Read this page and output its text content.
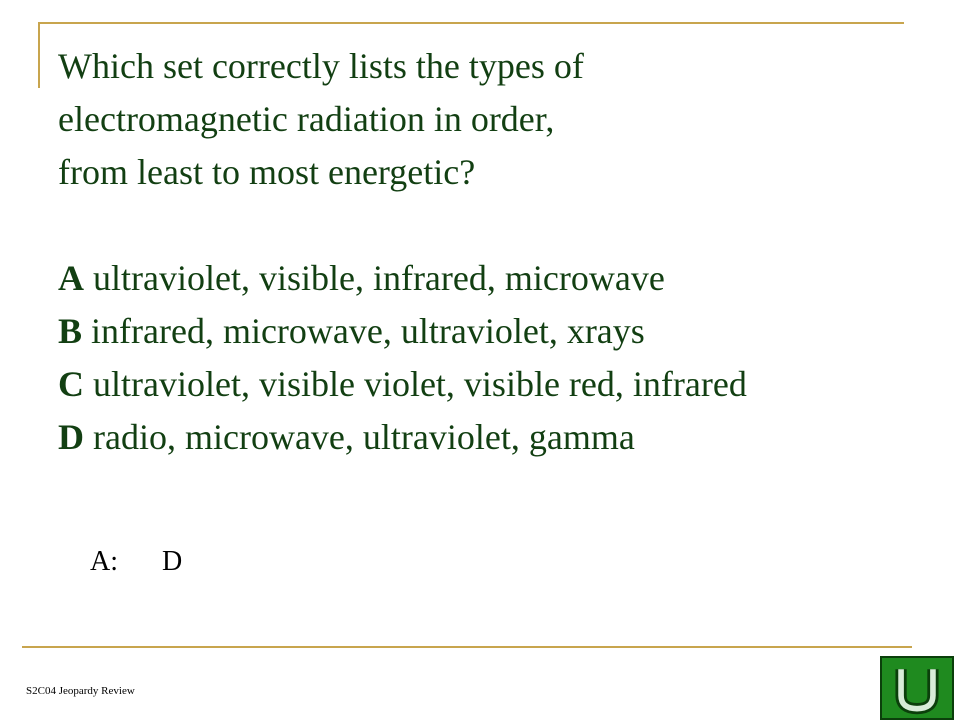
Which set correctly lists the types of
electromagnetic radiation in order,
from least to most energetic?
A ultraviolet, visible, infrared, microwave
B infrared, microwave, ultraviolet, xrays
C ultraviolet, visible violet, visible red, infrared
D radio, microwave, ultraviolet, gamma
A: D
S2C04 Jeopardy Review
